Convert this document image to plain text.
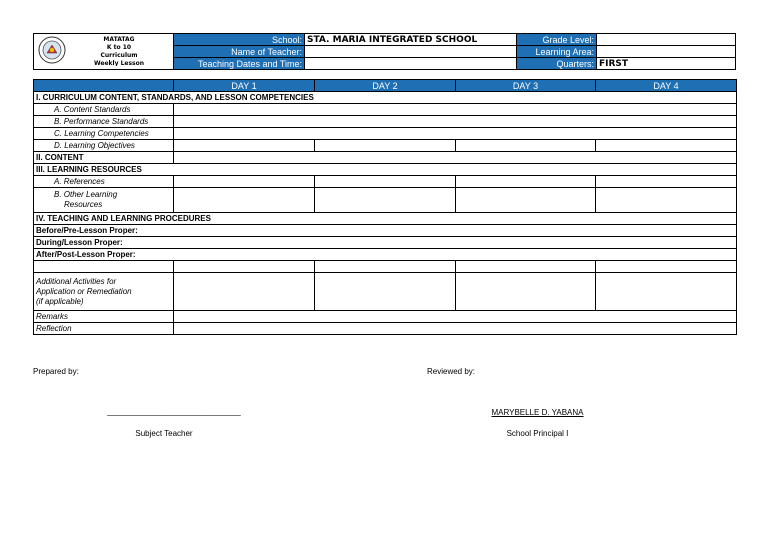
MATATAG
K to 10
Curriculum
Weekly Lesson	School:	STA. MARIA INTEGRATED SCHOOL	Grade Level:	
	Name of Teacher:		Learning Area:	
	Teaching Dates and Time:		Quarters:	FIRST
	DAY 1	DAY 2	DAY 3	DAY 4
I. CURRICULUM CONTENT, STANDARDS, AND LESSON COMPETENCIES				
A. Content Standards				
B. Performance Standards				
C. Learning Competencies				
D. Learning Objectives				
II. CONTENT				
III. LEARNING RESOURCES				
A. References				

B. Other Learning
Resources				

IV. TEACHING AND LEARNING PROCEDURES				
Before/Pre-Lesson Proper:				
During/Lesson Proper:				
After/Post-Lesson Proper:				

Additional Activities for
Application or Remediation
(if applicable)				

Remarks				
Reflection				
Prepared by:	Reviewed by:
______________________________
Subject Teacher
MARYBELLE D. YABANA
School Principal I
